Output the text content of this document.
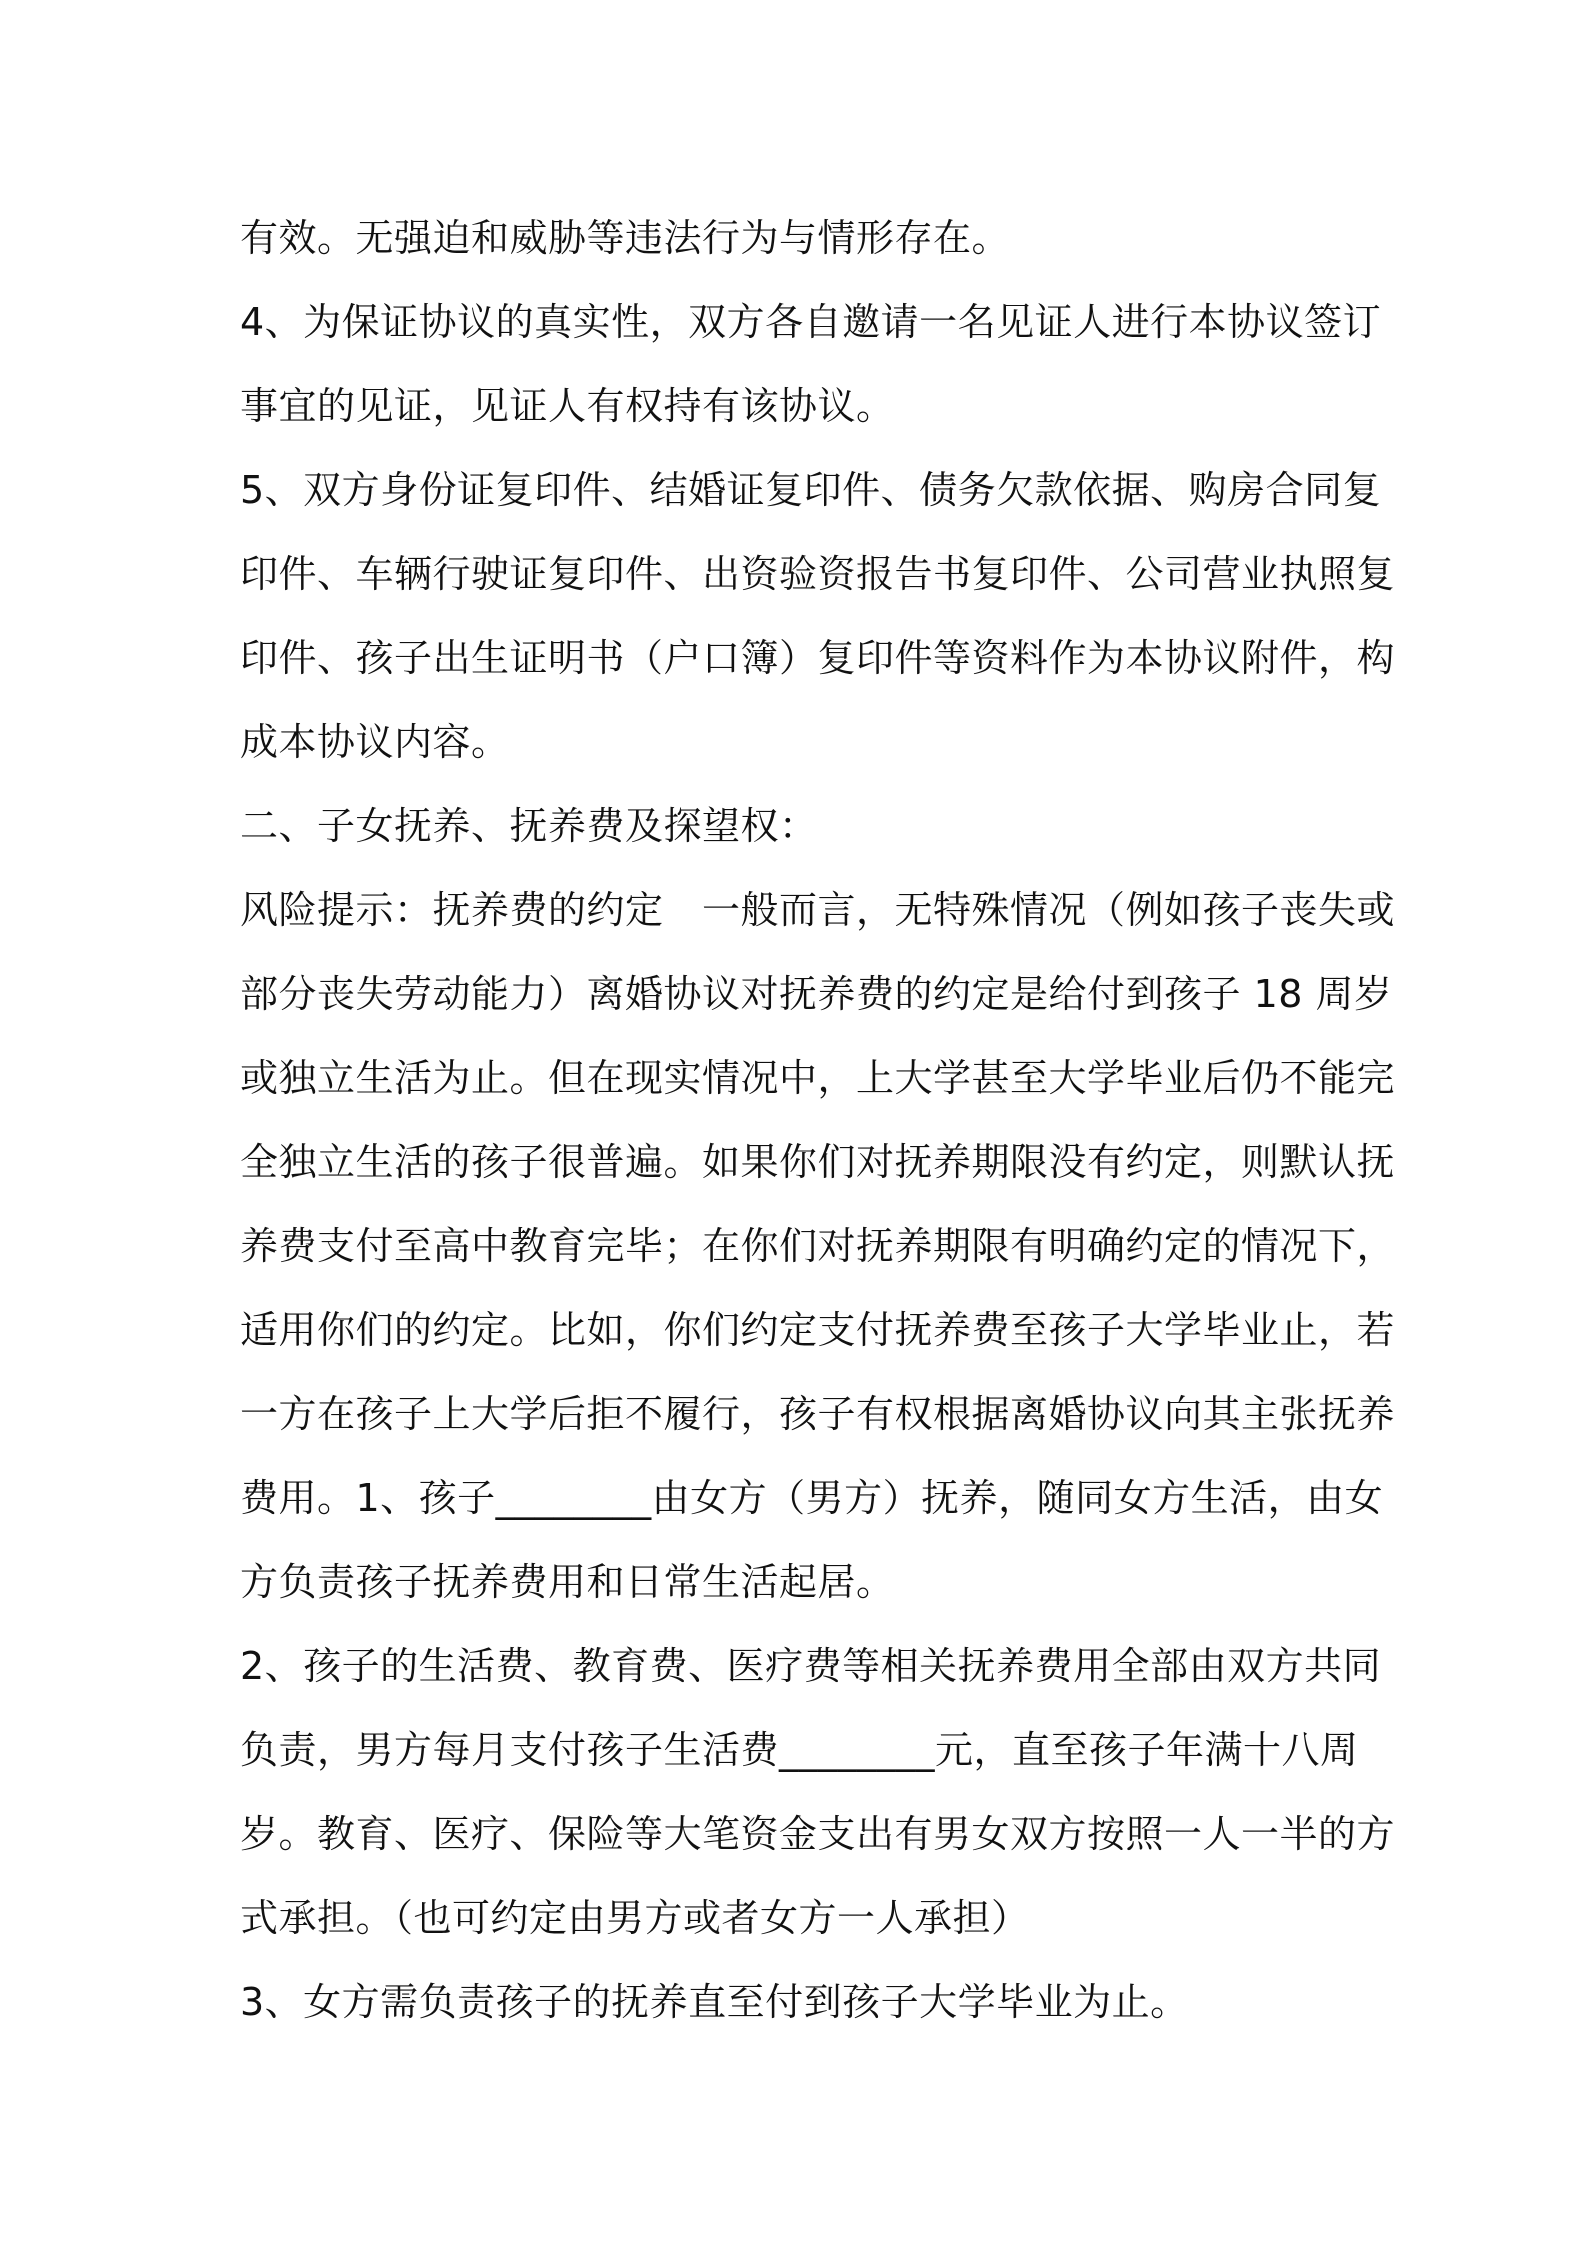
有效。无强迫和威胁等违法行为与情形存在。
4、为保证协议的真实性，双方各自邀请一名见证人进行本协议签订
事宜的见证，见证人有权持有该协议。
5、双方身份证复印件、结婚证复印件、债务欠款依据、购房合同复
印件、车辆行驶证复印件、出资验资报告书复印件、公司营业执照复
印件、孩子出生证明书（户口簿）复印件等资料作为本协议附件，构
成本协议内容。
二、子女抚养、抚养费及探望权：
风险提示：抚养费的约定　一般而言，无特殊情况（例如孩子丧失或
部分丧失劳动能力）离婚协议对抚养费的约定是给付到孩子 18 周岁
或独立生活为止。但在现实情况中，上大学甚至大学毕业后仍不能完
全独立生活的孩子很普遍。如果你们对抚养期限没有约定，则默认抚
养费支付至高中教育完毕；在你们对抚养期限有明确约定的情况下，
适用你们的约定。比如，你们约定支付抚养费至孩子大学毕业止，若
一方在孩子上大学后拒不履行，孩子有权根据离婚协议向其主张抚养
费用。1、孩子________由女方（男方）抚养，随同女方生活，由女
方负责孩子抚养费用和日常生活起居。
2、孩子的生活费、教育费、医疗费等相关抚养费用全部由双方共同
负责，男方每月支付孩子生活费________元，直至孩子年满十八周
岁。教育、医疗、保险等大笔资金支出有男女双方按照一人一半的方
式承担。（也可约定由男方或者女方一人承担）
3、女方需负责孩子的抚养直至付到孩子大学毕业为止。
